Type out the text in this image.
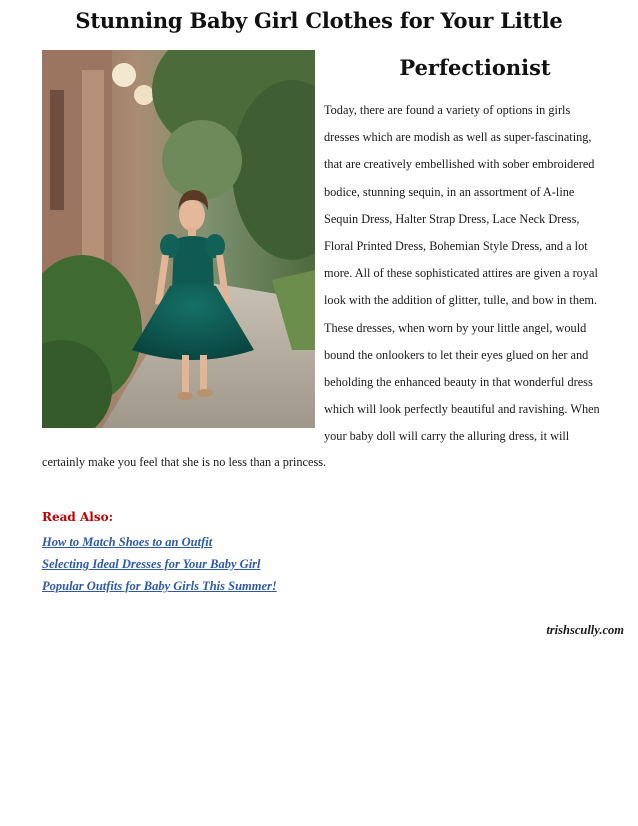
Stunning Baby Girl Clothes for Your Little
Perfectionist
Today, there are found a variety of options in girls
dresses which are modish as well as super-fascinating,
that are creatively embellished with sober embroidered
bodice, stunning sequin, in an assortment of A-line
Sequin Dress, Halter Strap Dress, Lace Neck Dress,
Floral Printed Dress, Bohemian Style Dress, and a lot
more. All of these sophisticated attires are given a royal
look with the addition of glitter, tulle, and bow in them.
These dresses, when worn by your little angel, would
bound the onlookers to let their eyes glued on her and
beholding the enhanced beauty in that wonderful dress
which will look perfectly beautiful and ravishing. When
your baby doll will carry the alluring dress, it will
certainly make you feel that she is no less than a princess.
Read Also:
How to Match Shoes to an Outfit
Selecting Ideal Dresses for Your Baby Girl
Popular Outfits for Baby Girls This Summer!
trishscully.com
